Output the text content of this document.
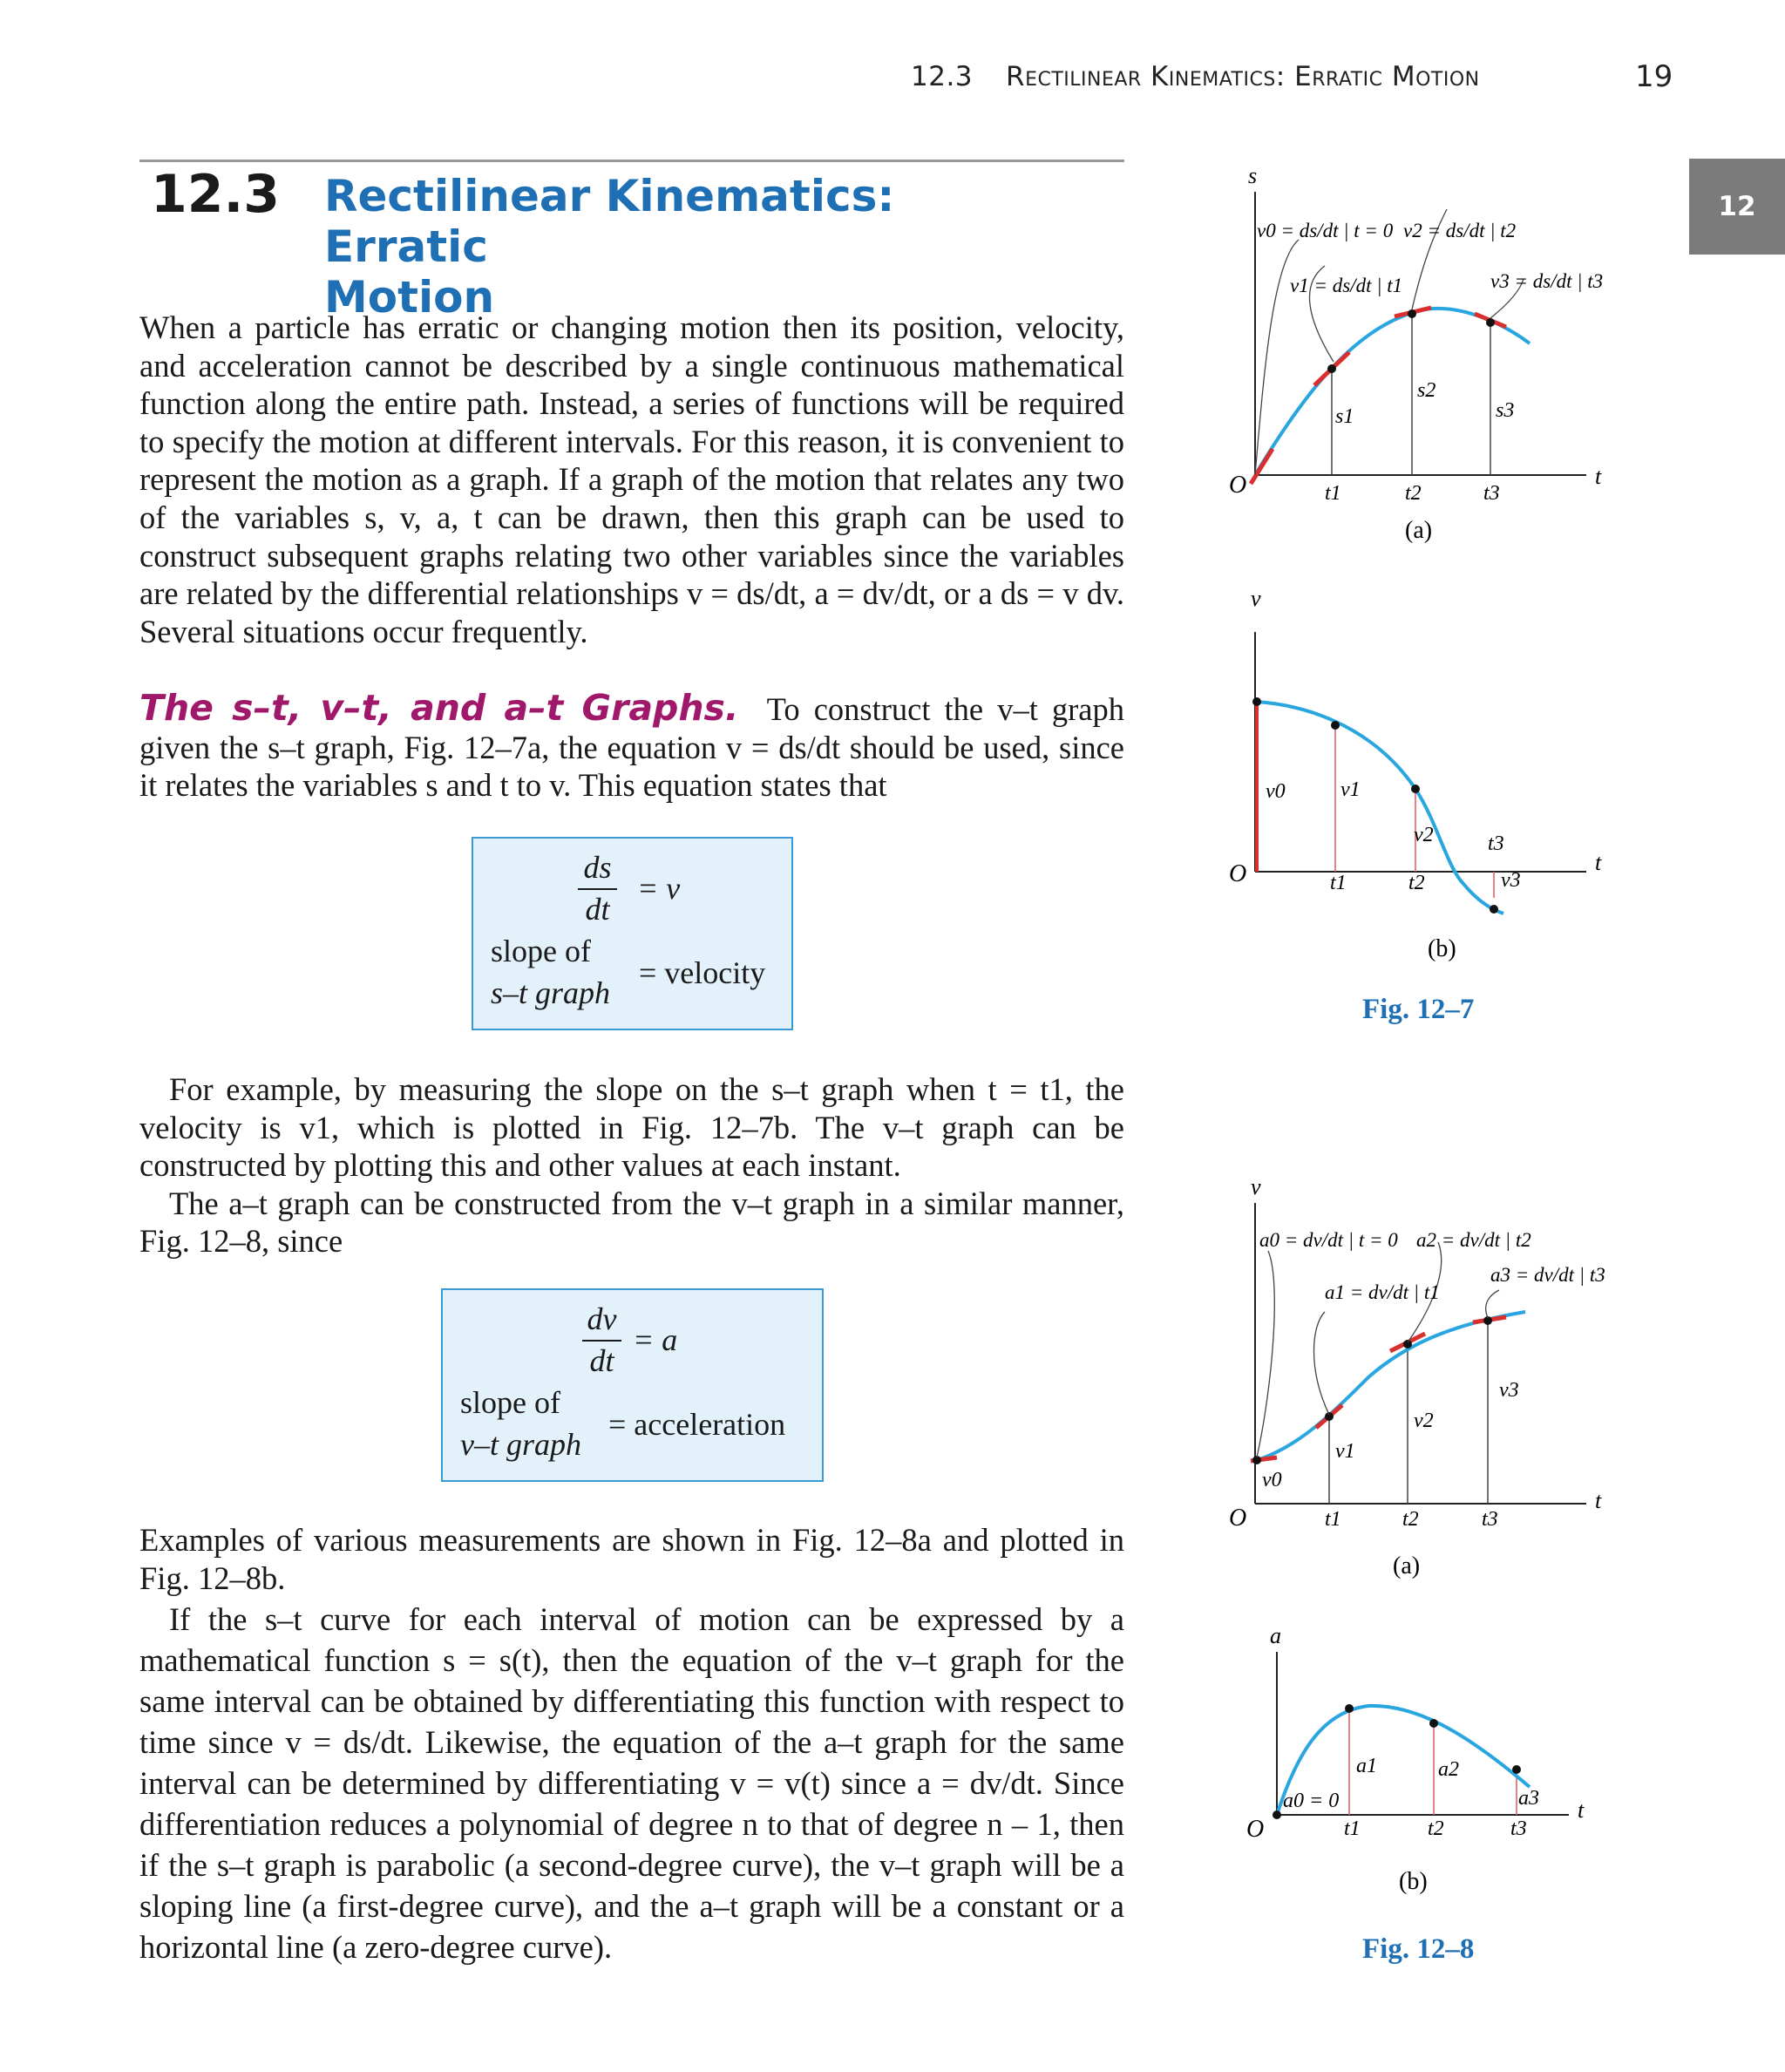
12.3 Rectilinear Kinematics: Erratic Motion	19
12
12.3 Rectilinear Kinematics: Erratic
Motion

When a particle has erratic or changing motion then its position, velocity, and acceleration cannot be described by a single continuous mathematical function along the entire path. Instead, a series of functions will be required to specify the motion at different intervals. For this reason, it is convenient to represent the motion as a graph. If a graph of the motion that relates any two of the variables s, v, a, t can be drawn, then this graph can be used to construct subsequent graphs relating two other variables since the variables are related by the differential relationships v = ds/dt, a = dv/dt, or a ds = v dv. Several situations occur frequently.

The s–t, v–t, and a–t Graphs. To construct the v–t graph given the s–t graph, Fig. 12–7a, the equation v = ds/dt should be used, since it relates the variables s and t to v. This equation states that

ds
dt
= v
slope of
s–t graph
= velocity

For example, by measuring the slope on the s–t graph when t = t1, the velocity is v1, which is plotted in Fig. 12–7b. The v–t graph can be constructed by plotting this and other values at each instant.

The a–t graph can be constructed from the v–t graph in a similar manner, Fig. 12–8, since

dv
dt
= a
slope of
v–t graph
= acceleration

Examples of various measurements are shown in Fig. 12–8a and plotted in Fig. 12–8b.

If the s–t curve for each interval of motion can be expressed by a mathematical function s = s(t), then the equation of the v–t graph for the same interval can be obtained by differentiating this function with respect to time since v = ds/dt. Likewise, the equation of the a–t graph for the same interval can be determined by differentiating v = v(t) since a = dv/dt. Since differentiation reduces a polynomial of degree n to that of degree n – 1, then if the s–t graph is parabolic (a second-degree curve), the v–t graph will be a sloping line (a first-degree curve), and the a–t graph will be a constant or a horizontal line (a zero-degree curve).

s
t
O	t1	t2	t3
s1
s2
s3
v0 = ds/dt | t = 0
v1 = ds/dt | t1
v2 = ds/dt | t2
v3 = ds/dt | t3
(a)
v
t
O
v0	v1
v2
v3
t1	t2
t3
(b)
Fig. 12–7
v
t
O
a0 = dv/dt | t = 0
a1 = dv/dt | t1
a2 = dv/dt | t2
a3 = dv/dt | t3
v0
v1
v2
v3
t1	t2	t3
(a)
a
t
O
a0 = 0
a1	a2
a3
t1	t2	t3
(b)
Fig. 12–8
